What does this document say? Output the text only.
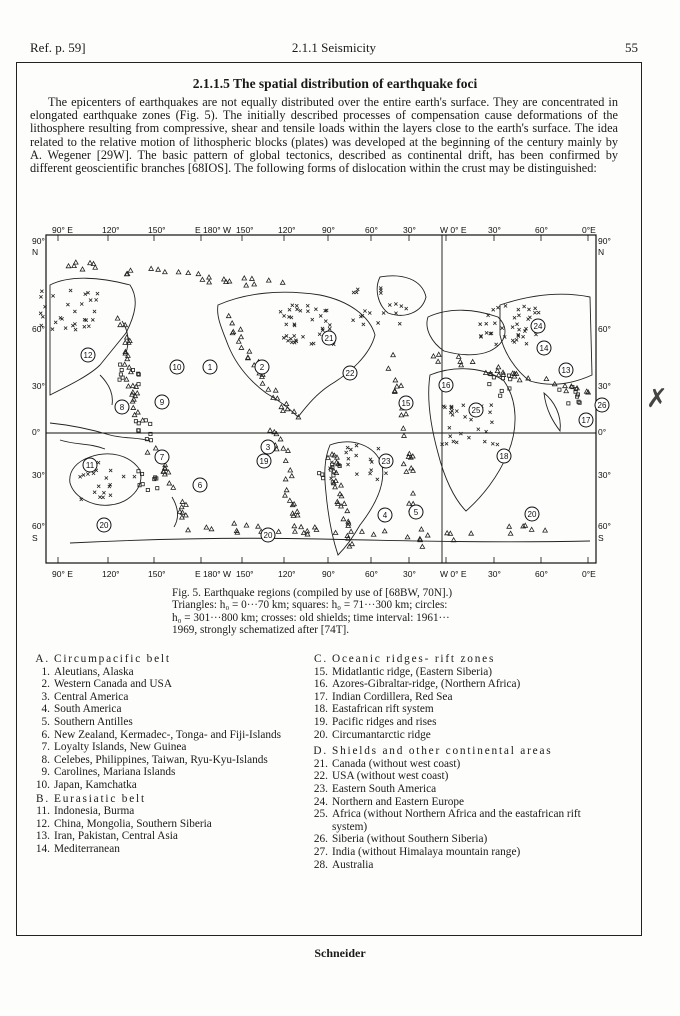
Ref. p. 59]	2.1.1 Seismicity	55
2.1.1.5 The spatial distribution of earthquake foci
The epicenters of earthquakes are not equally distributed over the entire earth's surface. They are concentrated in elongated earthquake zones (Fig. 5). The initially described processes of compensation cause deformations of the lithosphere resulting from compressive, shear and tensile loads within the layers close to the earth's surface. The idea related to the relative motion of lithospheric blocks (plates) was developed at the beginning of the century mainly by A. Wegener [29W]. The basic pattern of global tectonics, described as continental drift, has been confirmed by different geoscientific branches [68IOS]. The following forms of dislocation within the crust may be distinguished:
1	2
3
4	5
6
7
8
9
10
11
12
13
14
15
16
17
18
19
20
20
20
21
22
23
24
25
26
90° E	120°	150°	E 180° W 150°	120°	90°	60°	30°	W 0° E	30°	60°	0°E
90° E	120°	150°	E 180° W 150°	120°	90°	60°	30°	W 0° E	30°	60°	0°E
90°
N
60°
30°
0°
30°
60°
S
90°
N
60°
30°
0°
30°
60°
S
Fig. 5. Earthquake regions (compiled by use of [68BW, 70N].)
Triangles: h₀ = 0···70 km; squares: h₀ = 71···300 km; circles:
h₀ = 301···800 km; crosses: old shields; time interval: 1961···
1969, strongly schematized after [74T].
A. Circumpacific belt
1. Aleutians, Alaska
2. Western Canada and USA
3. Central America
4. South America
5. Southern Antilles
6. New Zealand, Kermadec-, Tonga- and Fiji-Islands
7. Loyalty Islands, New Guinea
8. Celebes, Philippines, Taiwan, Ryu-Kyu-Islands
9. Carolines, Mariana Islands
10. Japan, Kamchatka
B. Eurasiatic belt
11. Indonesia, Burma
12. China, Mongolia, Southern Siberia
13. Iran, Pakistan, Central Asia
14. Mediterranean
C. Oceanic ridges- rift zones
15. Midatlantic ridge, (Eastern Siberia)
16. Azores-Gibraltar-ridge, (Northern Africa)
17. Indian Cordillera, Red Sea
18. Eastafrican rift system
19. Pacific ridges and rises
20. Circumantarctic ridge
D. Shields and other continental areas
21. Canada (without west coast)
22. USA (without west coast)
23. Eastern South America
24. Northern and Eastern Europe
25. Africa (without Northern Africa and the eastafrican rift system)
26. Siberia (without Southern Siberia)
27. India (without Himalaya mountain range)
28. Australia
Schneider
✗
